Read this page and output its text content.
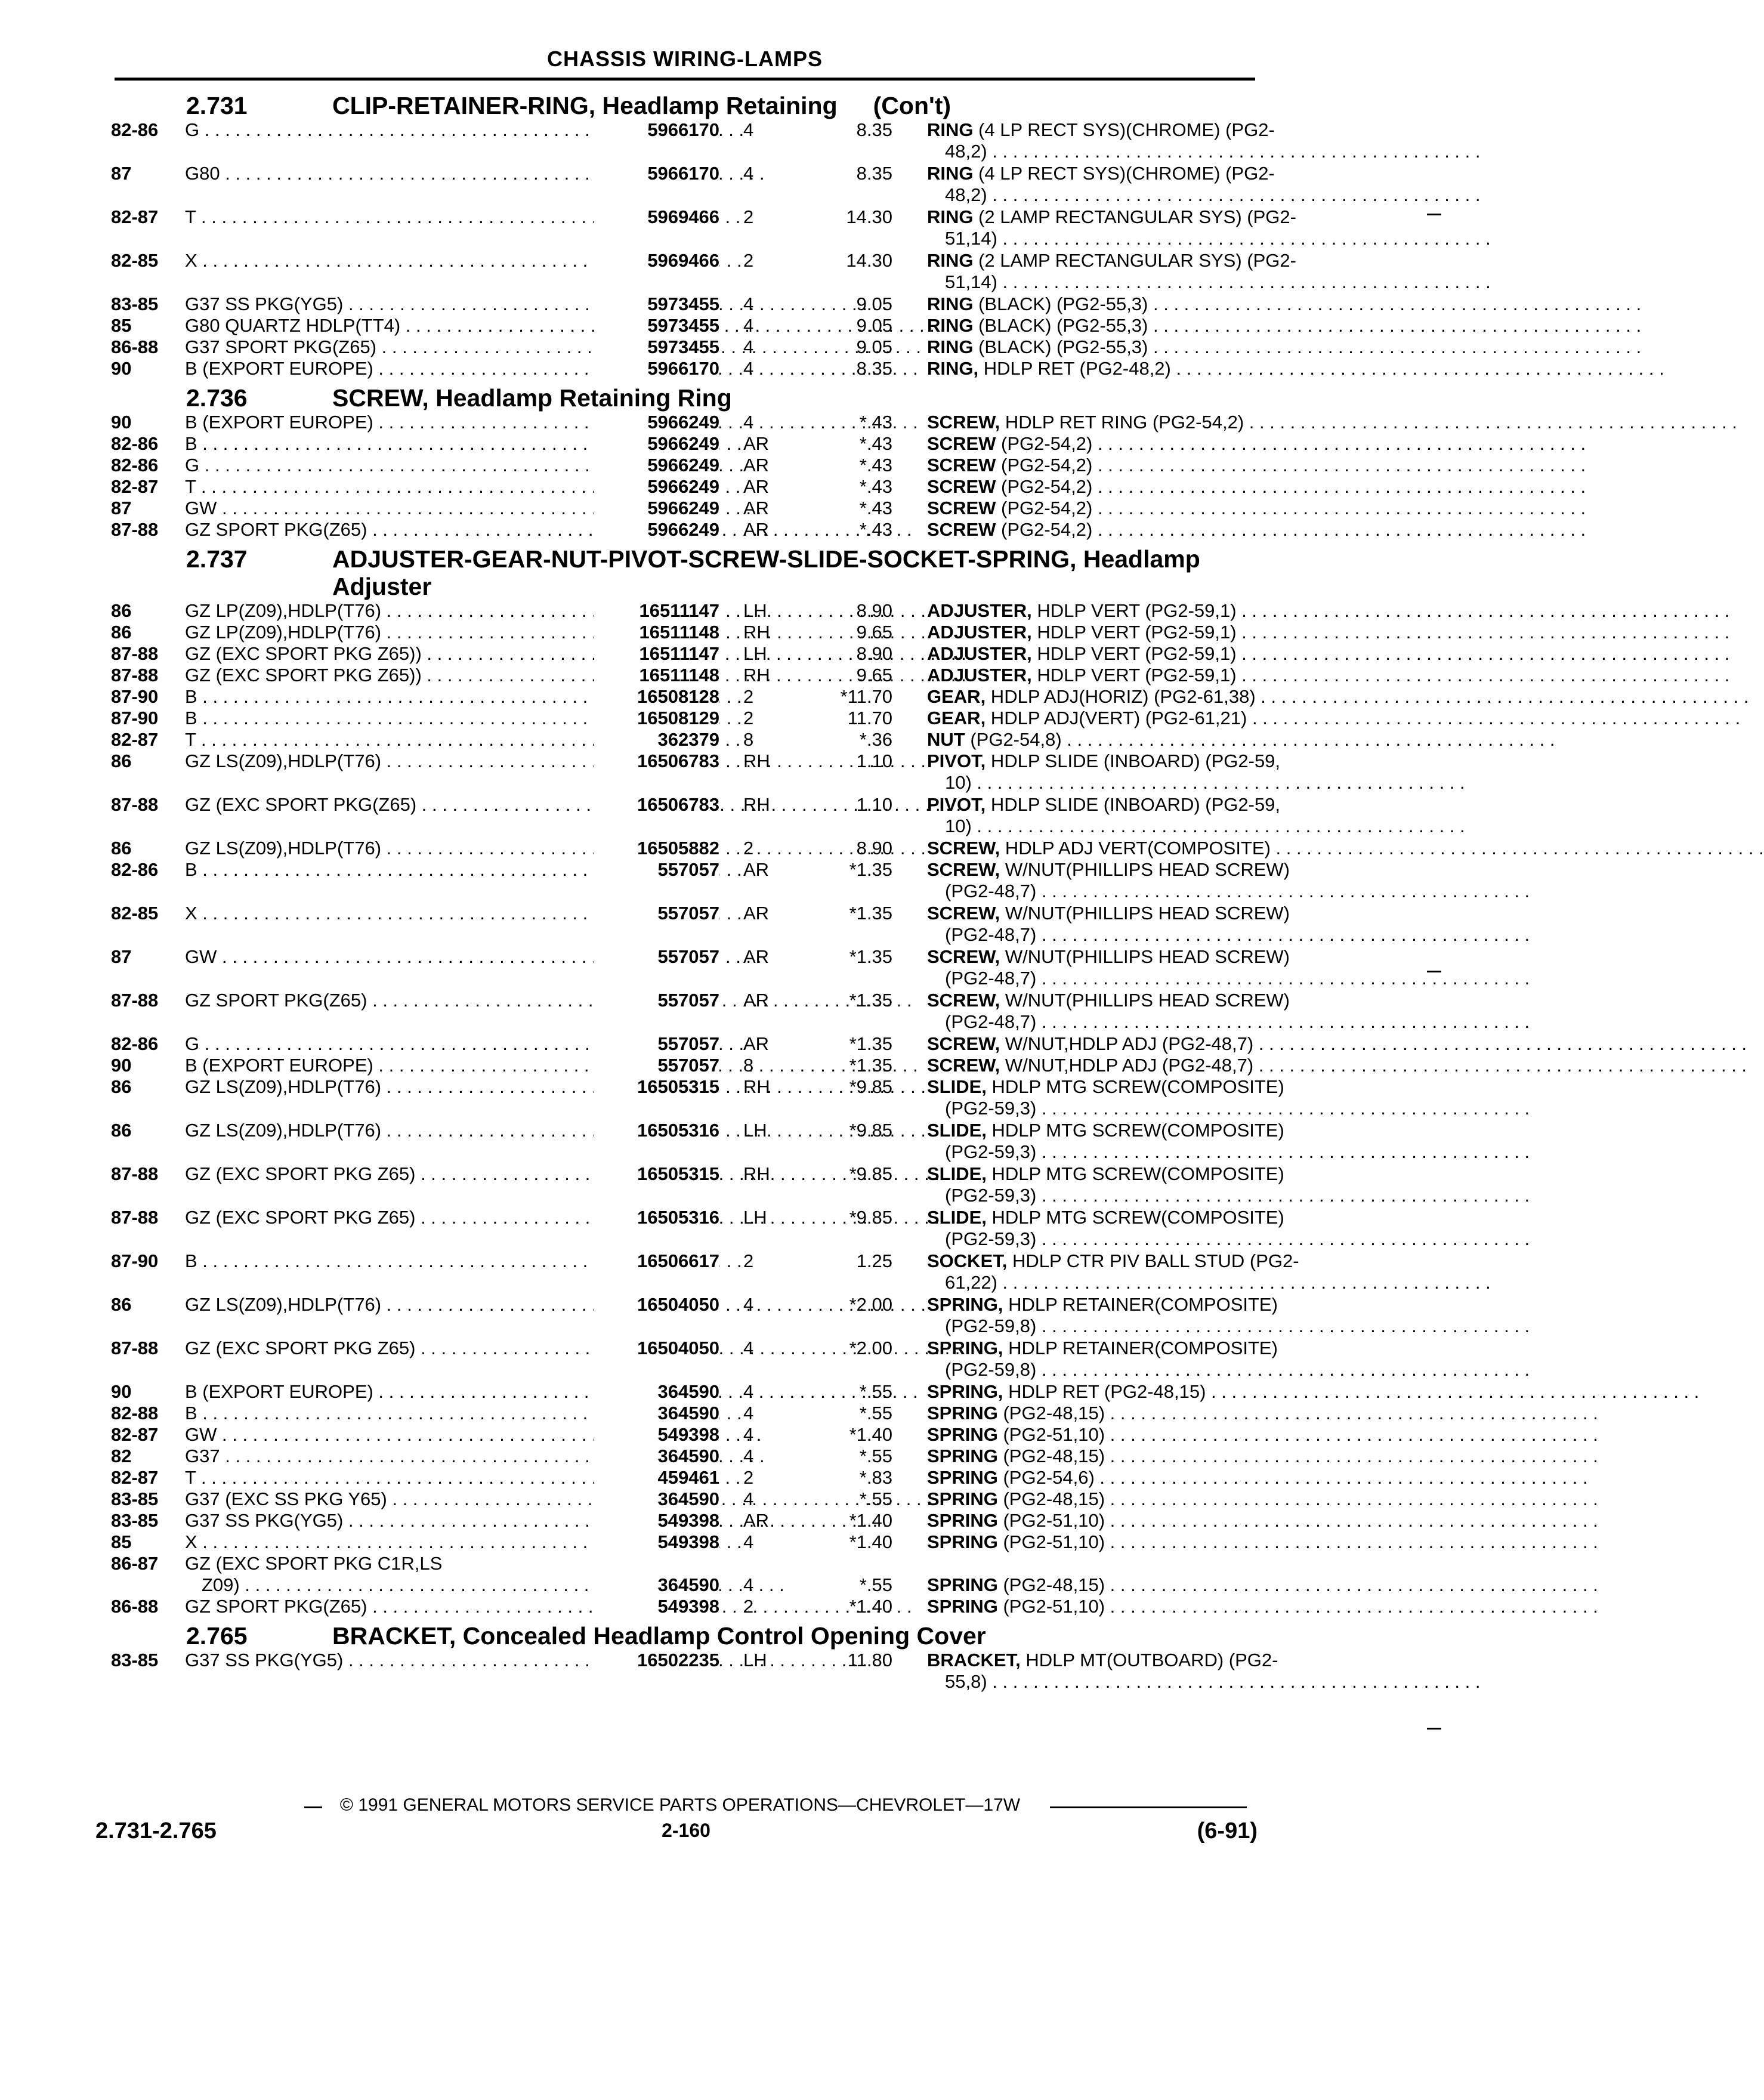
CHASSIS WIRING-LAMPS
2.731	CLIP-RETAINER-RING, Headlamp Retaining (Con't)
82-86 G . . .	5966170 4	8.35	RING (4 LP RECT SYS)(CHROME) (PG2-
48,2) . . .
87	G80 . . .	5966170 4	8.35	RING (4 LP RECT SYS)(CHROME) (PG2-
48,2) . . .
82-87 T . . .	5969466 2	14.30	RING (2 LAMP RECTANGULAR SYS) (PG2-
51,14) . . .
82-85 X . . .	5969466 2	14.30	RING (2 LAMP RECTANGULAR SYS) (PG2-
51,14) . . .
83-85 G37 SS PKG(YG5) . . .	5973455 4	9.05	RING (BLACK) (PG2-55,3) . . .
85	G80 QUARTZ HDLP(TT4) . . .	5973455 4	9.05	RING (BLACK) (PG2-55,3) . . .
86-88 G37 SPORT PKG(Z65) . . .	5973455 4	9.05	RING (BLACK) (PG2-55,3) . . .
90	B (EXPORT EUROPE) . . .	5966170 4	8.35	RING, HDLP RET (PG2-48,2) . . .
2.736	SCREW, Headlamp Retaining Ring
90	B (EXPORT EUROPE) . . .	5966249 4	*.43	SCREW, HDLP RET RING (PG2-54,2) . . .
82-86 B . . .	5966249 AR	*.43	SCREW (PG2-54,2) . . .
82-86 G . . .	5966249 AR	*.43	SCREW (PG2-54,2) . . .
82-87 T . . .	5966249 AR	*.43	SCREW (PG2-54,2) . . .
87	GW . . .	5966249 AR	*.43	SCREW (PG2-54,2) . . .
87-88 GZ SPORT PKG(Z65) . . .	5966249 AR	*.43	SCREW (PG2-54,2) . . .
2.737	ADJUSTER-GEAR-NUT-PIVOT-SCREW-SLIDE-SOCKET-SPRING, Headlamp Adjuster
86	GZ LP(Z09),HDLP(T76) . . .	16511147 LH	8.90	ADJUSTER, HDLP VERT (PG2-59,1) . . .
86	GZ LP(Z09),HDLP(T76) . . .	16511148 RH	9.65	ADJUSTER, HDLP VERT (PG2-59,1) . . .
87-88 GZ (EXC SPORT PKG Z65)) . . .	16511147 LH	8.90	ADJUSTER, HDLP VERT (PG2-59,1) . . .
87-88 GZ (EXC SPORT PKG Z65)) . . .	16511148 RH	9.65	ADJUSTER, HDLP VERT (PG2-59,1) . . .
87-90 B . . .	16508128 2	*11.70	GEAR, HDLP ADJ(HORIZ) (PG2-61,38) . . .
87-90 B . . .	16508129 2	11.70	GEAR, HDLP ADJ(VERT) (PG2-61,21) . . .
82-87 T . . .	362379 8	*.36	NUT (PG2-54,8) . . .
86	GZ LS(Z09),HDLP(T76) . . .	16506783 RH	1.10	PIVOT, HDLP SLIDE (INBOARD) (PG2-59,
10) . . .
87-88 GZ (EXC SPORT PKG(Z65) . . .	16506783 RH	1.10	PIVOT, HDLP SLIDE (INBOARD) (PG2-59,
10) . . .
86	GZ LS(Z09),HDLP(T76) . . .	16505882 2	8.90	SCREW, HDLP ADJ VERT(COMPOSITE) . . .
82-86 B . . .	557057 AR	*1.35	SCREW, W/NUT(PHILLIPS HEAD SCREW)
(PG2-48,7) . . .
82-85 X . . .	557057 AR	*1.35	SCREW, W/NUT(PHILLIPS HEAD SCREW)
(PG2-48,7) . . .
87	GW . . .	557057 AR	*1.35	SCREW, W/NUT(PHILLIPS HEAD SCREW)
(PG2-48,7) . . .
87-88 GZ SPORT PKG(Z65) . . .	557057 AR	*1.35	SCREW, W/NUT(PHILLIPS HEAD SCREW)
(PG2-48,7) . . .
82-86 G . . .	557057 AR	*1.35	SCREW, W/NUT,HDLP ADJ (PG2-48,7) . . .
90	B (EXPORT EUROPE) . . .	557057 8	*1.35	SCREW, W/NUT,HDLP ADJ (PG2-48,7) . . .
86	GZ LS(Z09),HDLP(T76) . . .	16505315 RH	*9.85	SLIDE, HDLP MTG SCREW(COMPOSITE)
(PG2-59,3) . . .
86	GZ LS(Z09),HDLP(T76) . . .	16505316 LH	*9.85	SLIDE, HDLP MTG SCREW(COMPOSITE)
(PG2-59,3) . . .
87-88 GZ (EXC SPORT PKG Z65) . . .	16505315 RH	*9.85	SLIDE, HDLP MTG SCREW(COMPOSITE)
(PG2-59,3) . . .
87-88 GZ (EXC SPORT PKG Z65) . . .	16505316 LH	*9.85	SLIDE, HDLP MTG SCREW(COMPOSITE)
(PG2-59,3) . . .
87-90 B . . .	16506617 2	1.25	SOCKET, HDLP CTR PIV BALL STUD (PG2-
61,22) . . .
86	GZ LS(Z09),HDLP(T76) . . .	16504050 4	*2.00	SPRING, HDLP RETAINER(COMPOSITE)
(PG2-59,8) . . .
87-88 GZ (EXC SPORT PKG Z65) . . .	16504050 4	*2.00	SPRING, HDLP RETAINER(COMPOSITE)
(PG2-59,8) . . .
90	B (EXPORT EUROPE) . . .	364590 4	*.55	SPRING, HDLP RET (PG2-48,15) . . .
82-88 B . . .	364590 4	*.55	SPRING (PG2-48,15) . . .
82-87 GW . . .	549398 4	*1.40	SPRING (PG2-51,10) . . .
82	G37 . . .	364590 4	*.55	SPRING (PG2-48,15) . . .
82-87 T . . .	459461 2	*.83	SPRING (PG2-54,6) . . .
83-85 G37 (EXC SS PKG Y65) . . .	364590 4	*.55	SPRING (PG2-48,15) . . .
83-85 G37 SS PKG(YG5) . . .	549398 AR	*1.40	SPRING (PG2-51,10) . . .
85	X . . .	549398 4	*1.40	SPRING (PG2-51,10) . . .
86-87 GZ (EXC SPORT PKG C1R,LS
Z09) . . .	364590 4	*.55	SPRING (PG2-48,15) . . .
86-88 GZ SPORT PKG(Z65) . . .	549398 2	*1.40	SPRING (PG2-51,10) . . .
2.765	BRACKET, Concealed Headlamp Control Opening Cover
83-85 G37 SS PKG(YG5) . . .	16502235 LH	11.80	BRACKET, HDLP MT(OUTBOARD) (PG2-
55,8) . . .
© 1991 GENERAL MOTORS SERVICE PARTS OPERATIONS—CHEVROLET—17W
2.731-2.765	2-160	(6-91)
